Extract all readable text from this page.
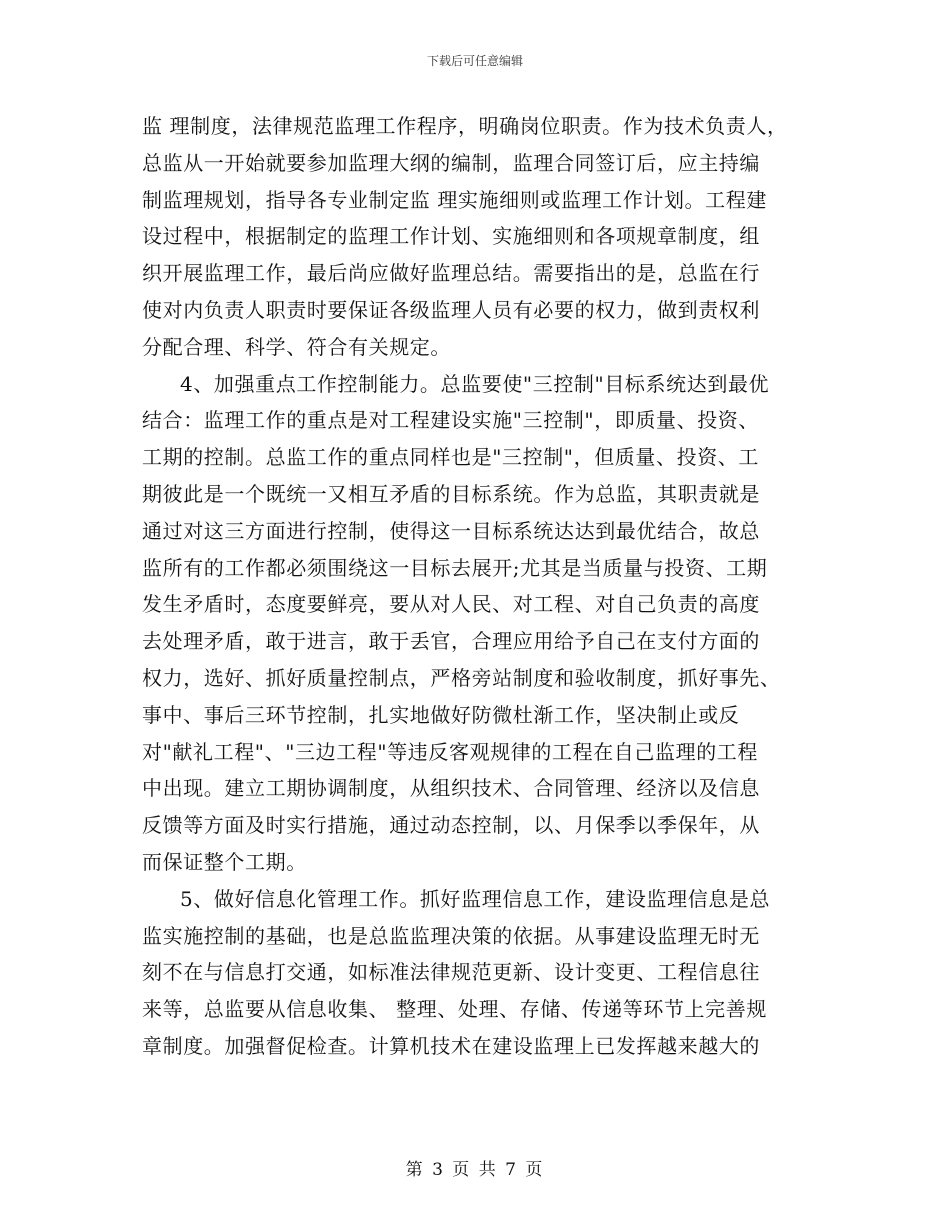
下载后可任意编辑
监 理制度，法律规范监理工作程序，明确岗位职责。作为技术负责人，
总监从一开始就要参加监理大纲的编制，监理合同签订后，应主持编
制监理规划，指导各专业制定监 理实施细则或监理工作计划。工程建
设过程中，根据制定的监理工作计划、实施细则和各项规章制度，组
织开展监理工作，最后尚应做好监理总结。需要指出的是，总监在行
使对内负责人职责时要保证各级监理人员有必要的权力，做到责权利
分配合理、科学、符合有关规定。
4、加强重点工作控制能力。总监要使"三控制"目标系统达到最优
结合：监理工作的重点是对工程建设实施"三控制"，即质量、投资、
工期的控制。总监工作的重点同样也是"三控制"，但质量、投资、工
期彼此是一个既统一又相互矛盾的目标系统。作为总监，其职责就是
通过对这三方面进行控制，使得这一目标系统达达到最优结合，故总
监所有的工作都必须围绕这一目标去展开;尤其是当质量与投资、工期
发生矛盾时，态度要鲜亮，要从对人民、对工程、对自己负责的高度
去处理矛盾，敢于进言，敢于丢官，合理应用给予自己在支付方面的
权力，选好、抓好质量控制点，严格旁站制度和验收制度，抓好事先、
事中、事后三环节控制，扎实地做好防微杜渐工作，坚决制止或反
对"献礼工程"、"三边工程"等违反客观规律的工程在自己监理的工程
中出现。建立工期协调制度，从组织技术、合同管理、经济以及信息
反馈等方面及时实行措施，通过动态控制，以、月保季以季保年，从
而保证整个工期。
5、做好信息化管理工作。抓好监理信息工作，建设监理信息是总
监实施控制的基础，也是总监监理决策的依据。从事建设监理无时无
刻不在与信息打交通，如标准法律规范更新、设计变更、工程信息往
来等，总监要从信息收集、 整理、处理、存储、传递等环节上完善规
章制度。加强督促检查。计算机技术在建设监理上已发挥越来越大的
第 3 页 共 7 页
